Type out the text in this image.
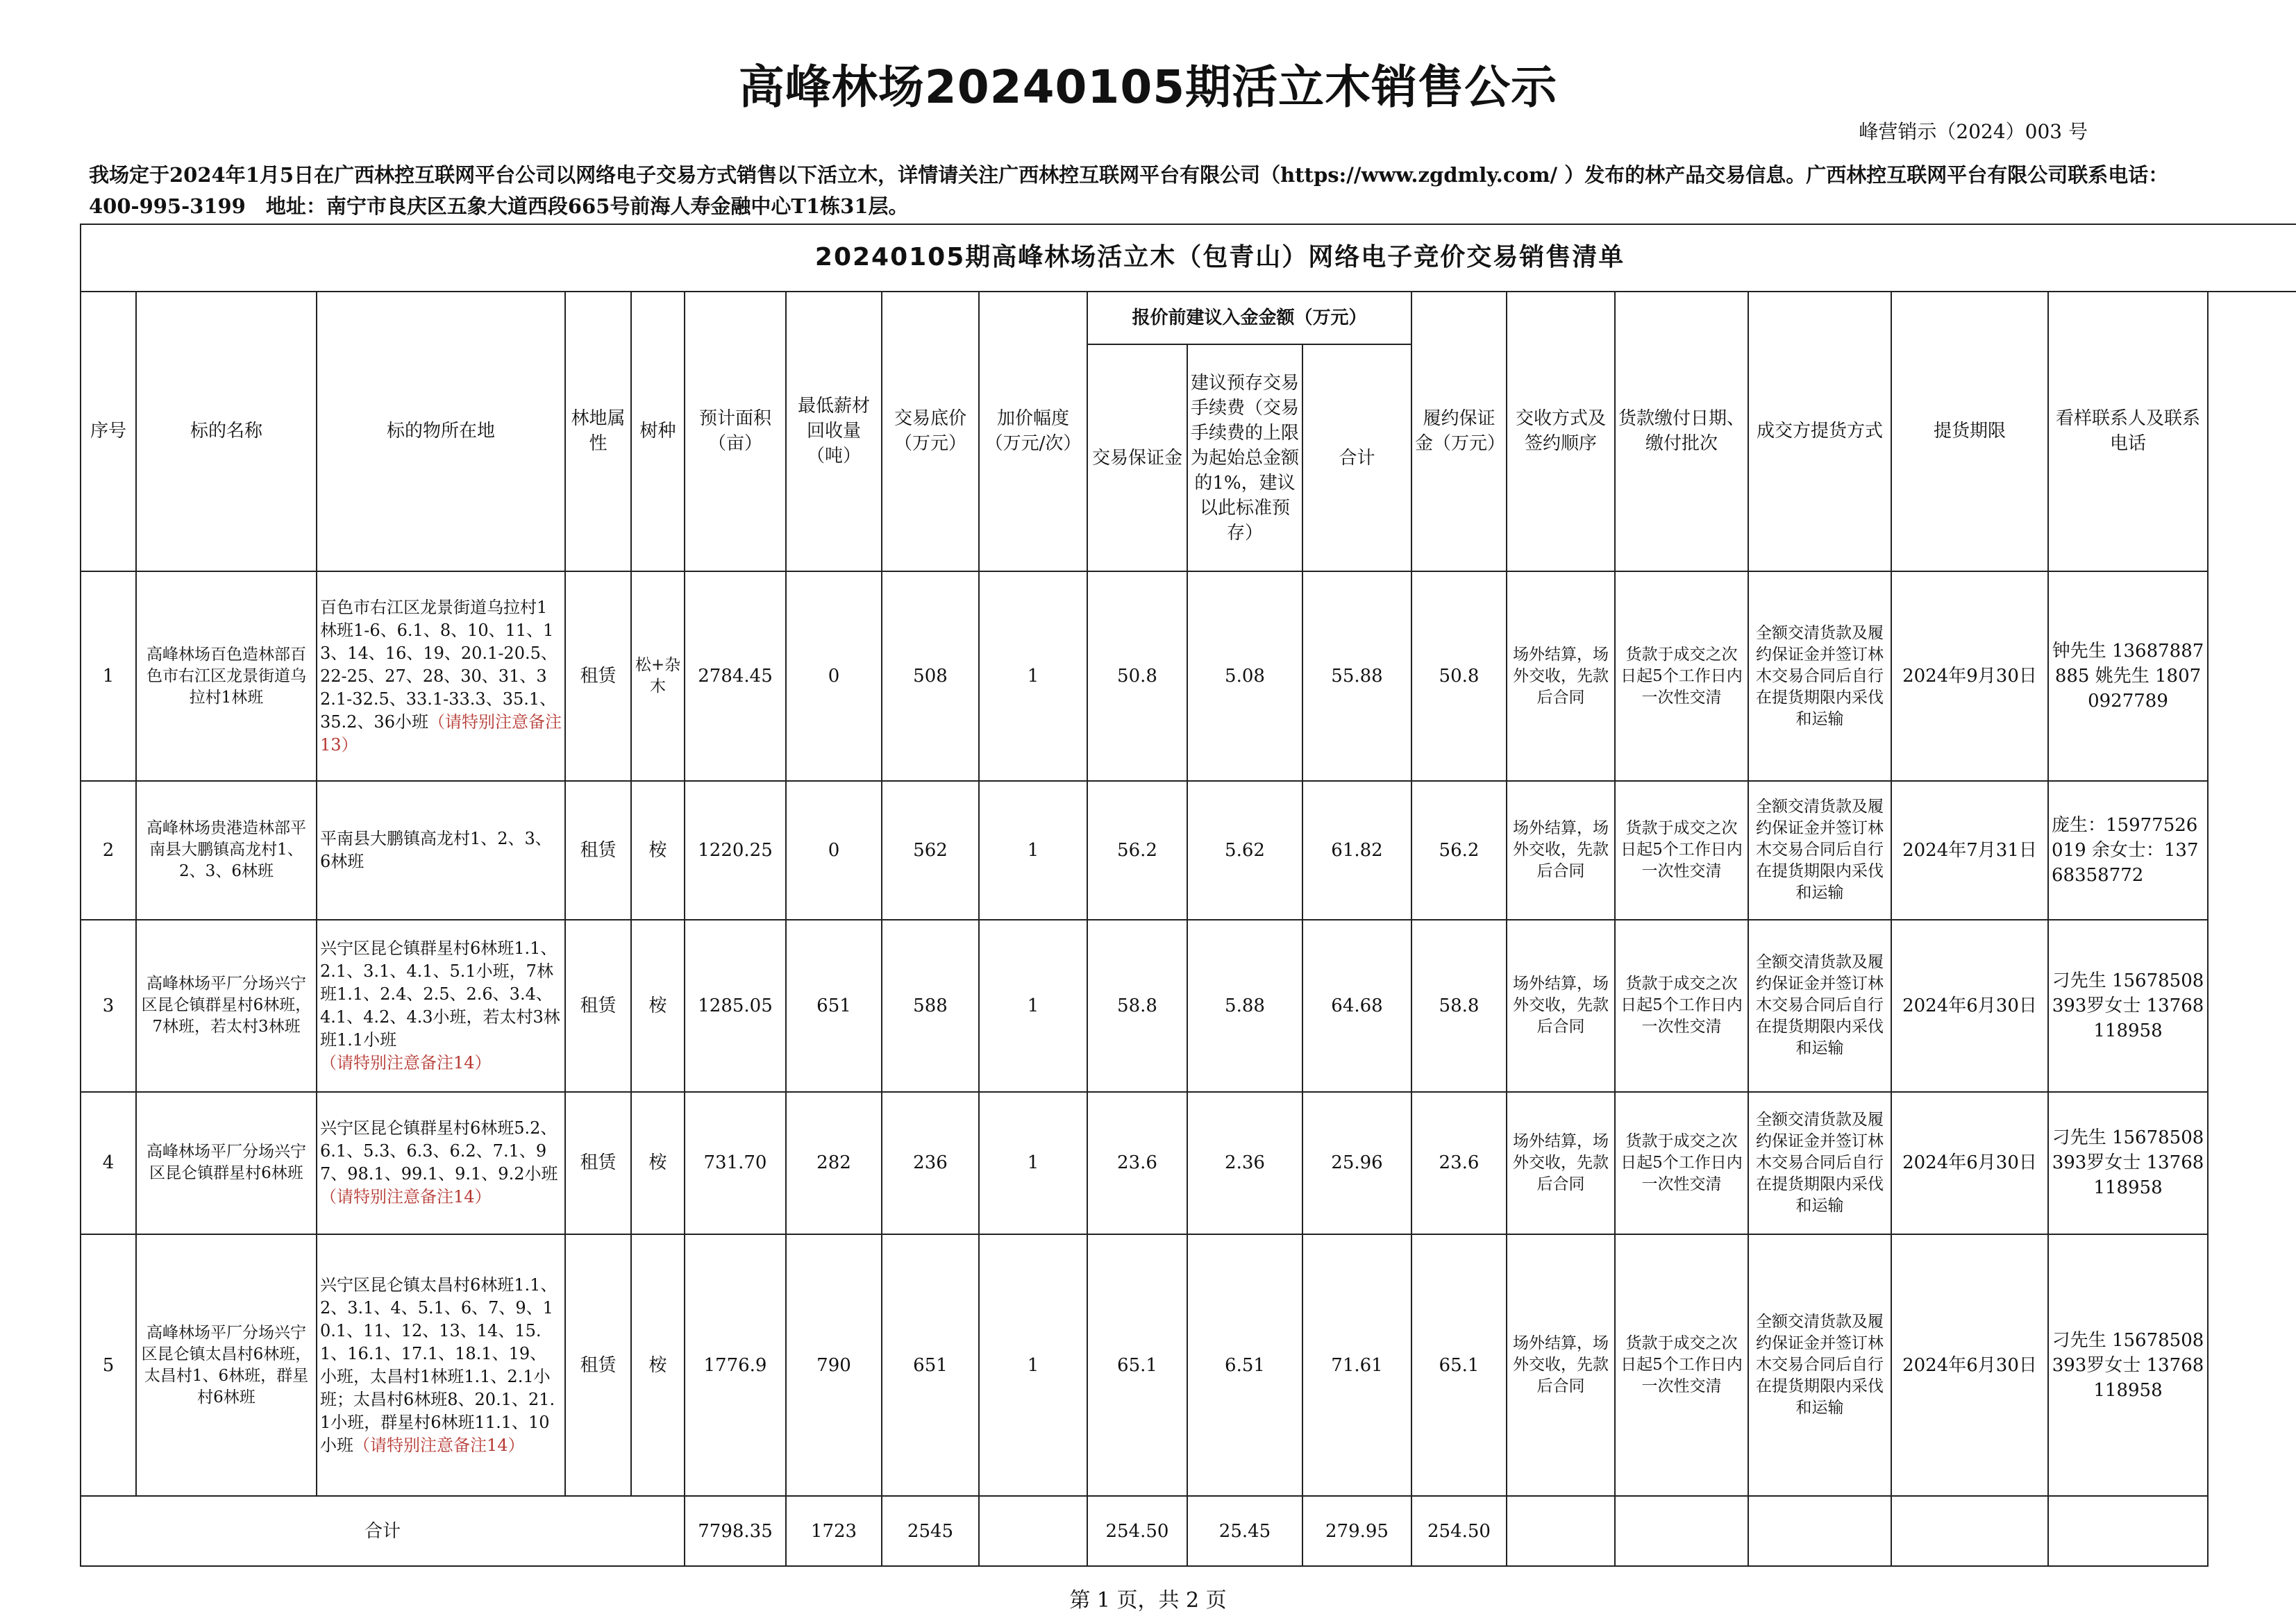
高峰林场20240105期活立木销售公示
峰营销示（2024）003 号
我场定于2024年1月5日在广西林控互联网平台公司以网络电子交易方式销售以下活立木，详情请关注广西林控互联网平台有限公司（https://www.zgdmly.com/ ）发布的林产品交易信息。广西林控互联网平台有限公司联系电话：400-995-3199　地址：南宁市良庆区五象大道西段665号前海人寿金融中心T1栋31层。
20240105期高峰林场活立木（包青山）网络电子竞价交易销售清单																	
序号	标的名称	标的物所在地	林地属性	树种	预计面积（亩）	最低薪材回收量（吨）	交易底价（万元）	加价幅度（万元/次）	报价前建议入金金额（万元）			履约保证金（万元）	交收方式及签约顺序	货款缴付日期、缴付批次	成交方提货方式	提货期限	看样联系人及联系电话
									交易保证金	建议预存交易手续费（交易手续费的上限为起始总金额的1%，建议以此标准预存）	合计						
1	高峰林场百色造林部百色市右江区龙景街道乌拉村1林班	百色市右江区龙景街道乌拉村1林班1-6、6.1、8、10、11、13、14、16、19、20.1-20.5、22-25、27、28、30、31、32.1-32.5、33.1-33.3、35.1、35.2、36小班（请特别注意备注13）	租赁	松+杂木	2784.45	0	508	1	50.8	5.08	55.88	50.8	场外结算，场外交收，先款后合同	货款于成交之次日起5个工作日内一次性交清	全额交清货款及履约保证金并签订林木交易合同后自行在提货期限内采伐和运输	2024年9月30日	钟先生 13687887885 姚先生 18070927789
2	高峰林场贵港造林部平南县大鹏镇高龙村1、2、3、6林班	平南县大鹏镇高龙村1、2、3、6林班	租赁	桉	1220.25	0	562	1	56.2	5.62	61.82	56.2	场外结算，场外交收，先款后合同	货款于成交之次日起5个工作日内一次性交清	全额交清货款及履约保证金并签订林木交易合同后自行在提货期限内采伐和运输	2024年7月31日	庞生：15977526019 余女士：13768358772
3	高峰林场平厂分场兴宁区昆仑镇群星村6林班，7林班，若太村3林班	兴宁区昆仑镇群星村6林班1.1、2.1、3.1、4.1、5.1小班，7林班1.1、2.4、2.5、2.6、3.4、4.1、4.2、4.3小班，若太村3林班1.1小班（请特别注意备注14）	租赁	桉	1285.05	651	588	1	58.8	5.88	64.68	58.8	场外结算，场外交收，先款后合同	货款于成交之次日起5个工作日内一次性交清	全额交清货款及履约保证金并签订林木交易合同后自行在提货期限内采伐和运输	2024年6月30日	刁先生 15678508393罗女士 13768118958
4	高峰林场平厂分场兴宁区昆仑镇群星村6林班	兴宁区昆仑镇群星村6林班5.2、6.1、5.3、6.3、6.2、7.1、97、98.1、99.1、9.1、9.2小班（请特别注意备注14）	租赁	桉	731.70	282	236	1	23.6	2.36	25.96	23.6	场外结算，场外交收，先款后合同	货款于成交之次日起5个工作日内一次性交清	全额交清货款及履约保证金并签订林木交易合同后自行在提货期限内采伐和运输	2024年6月30日	刁先生 15678508393罗女士 13768118958
5	高峰林场平厂分场兴宁区昆仑镇太昌村6林班，太昌村1、6林班，群星村6林班	兴宁区昆仑镇太昌村6林班1.1、2、3.1、4、5.1、6、7、9、10.1、11、12、13、14、15.1、16.1、17.1、18.1、19、小班，太昌村1林班1.1、2.1小班；太昌村6林班8、20.1、21.1小班，群星村6林班11.1、10小班（请特别注意备注14）	租赁	桉	1776.9	790	651	1	65.1	6.51	71.61	65.1	场外结算，场外交收，先款后合同	货款于成交之次日起5个工作日内一次性交清	全额交清货款及履约保证金并签订林木交易合同后自行在提货期限内采伐和运输	2024年6月30日	刁先生 15678508393罗女士 13768118958
合计					7798.35	1723	2545		254.50	25.45	279.95	254.50					
第 1 页，共 2 页
